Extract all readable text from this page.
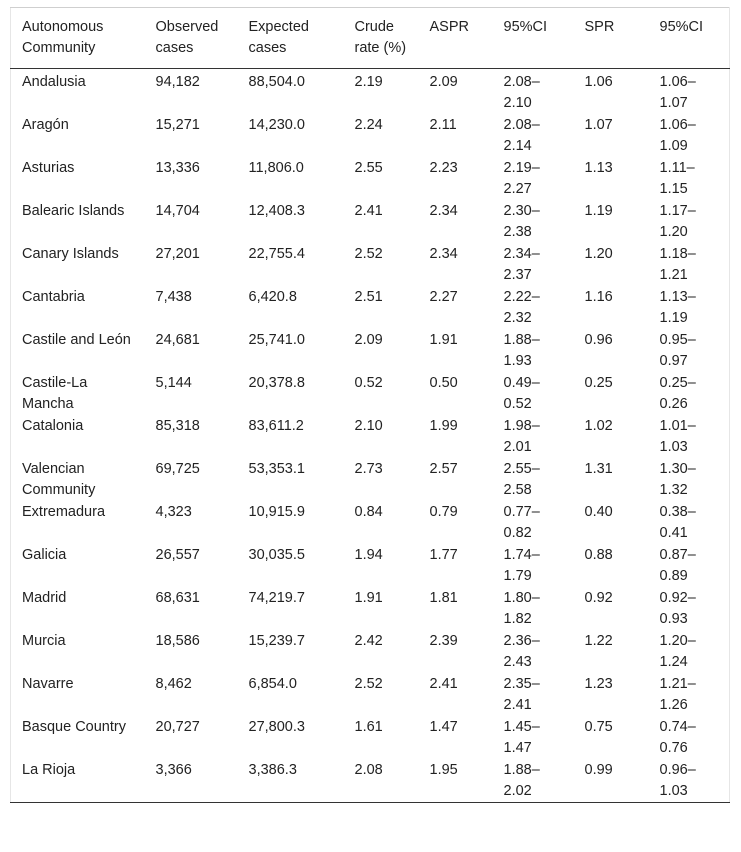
Autonomous Community	Observed cases	Expected cases	Crude rate (%)	ASPR	95%CI	SPR	95%CI
Andalusia	94,182	88,504.0	2.19	2.09	2.08–2.10	1.06	1.06–1.07
Aragón	15,271	14,230.0	2.24	2.11	2.08–2.14	1.07	1.06–1.09
Asturias	13,336	11,806.0	2.55	2.23	2.19–2.27	1.13	1.11–1.15
Balearic Islands	14,704	12,408.3	2.41	2.34	2.30–2.38	1.19	1.17–1.20
Canary Islands	27,201	22,755.4	2.52	2.34	2.34–2.37	1.20	1.18–1.21
Cantabria	7,438	6,420.8	2.51	2.27	2.22–2.32	1.16	1.13–1.19
Castile and León	24,681	25,741.0	2.09	1.91	1.88–1.93	0.96	0.95–0.97
Castile-La Mancha	5,144	20,378.8	0.52	0.50	0.49–0.52	0.25	0.25–0.26
Catalonia	85,318	83,611.2	2.10	1.99	1.98–2.01	1.02	1.01–1.03
Valencian Community	69,725	53,353.1	2.73	2.57	2.55–2.58	1.31	1.30–1.32
Extremadura	4,323	10,915.9	0.84	0.79	0.77–0.82	0.40	0.38–0.41
Galicia	26,557	30,035.5	1.94	1.77	1.74–1.79	0.88	0.87–0.89
Madrid	68,631	74,219.7	1.91	1.81	1.80–1.82	0.92	0.92–0.93
Murcia	18,586	15,239.7	2.42	2.39	2.36–2.43	1.22	1.20–1.24
Navarre	8,462	6,854.0	2.52	2.41	2.35–2.41	1.23	1.21–1.26
Basque Country	20,727	27,800.3	1.61	1.47	1.45–1.47	0.75	0.74–0.76
La Rioja	3,366	3,386.3	2.08	1.95	1.88–2.02	0.99	0.96–1.03
